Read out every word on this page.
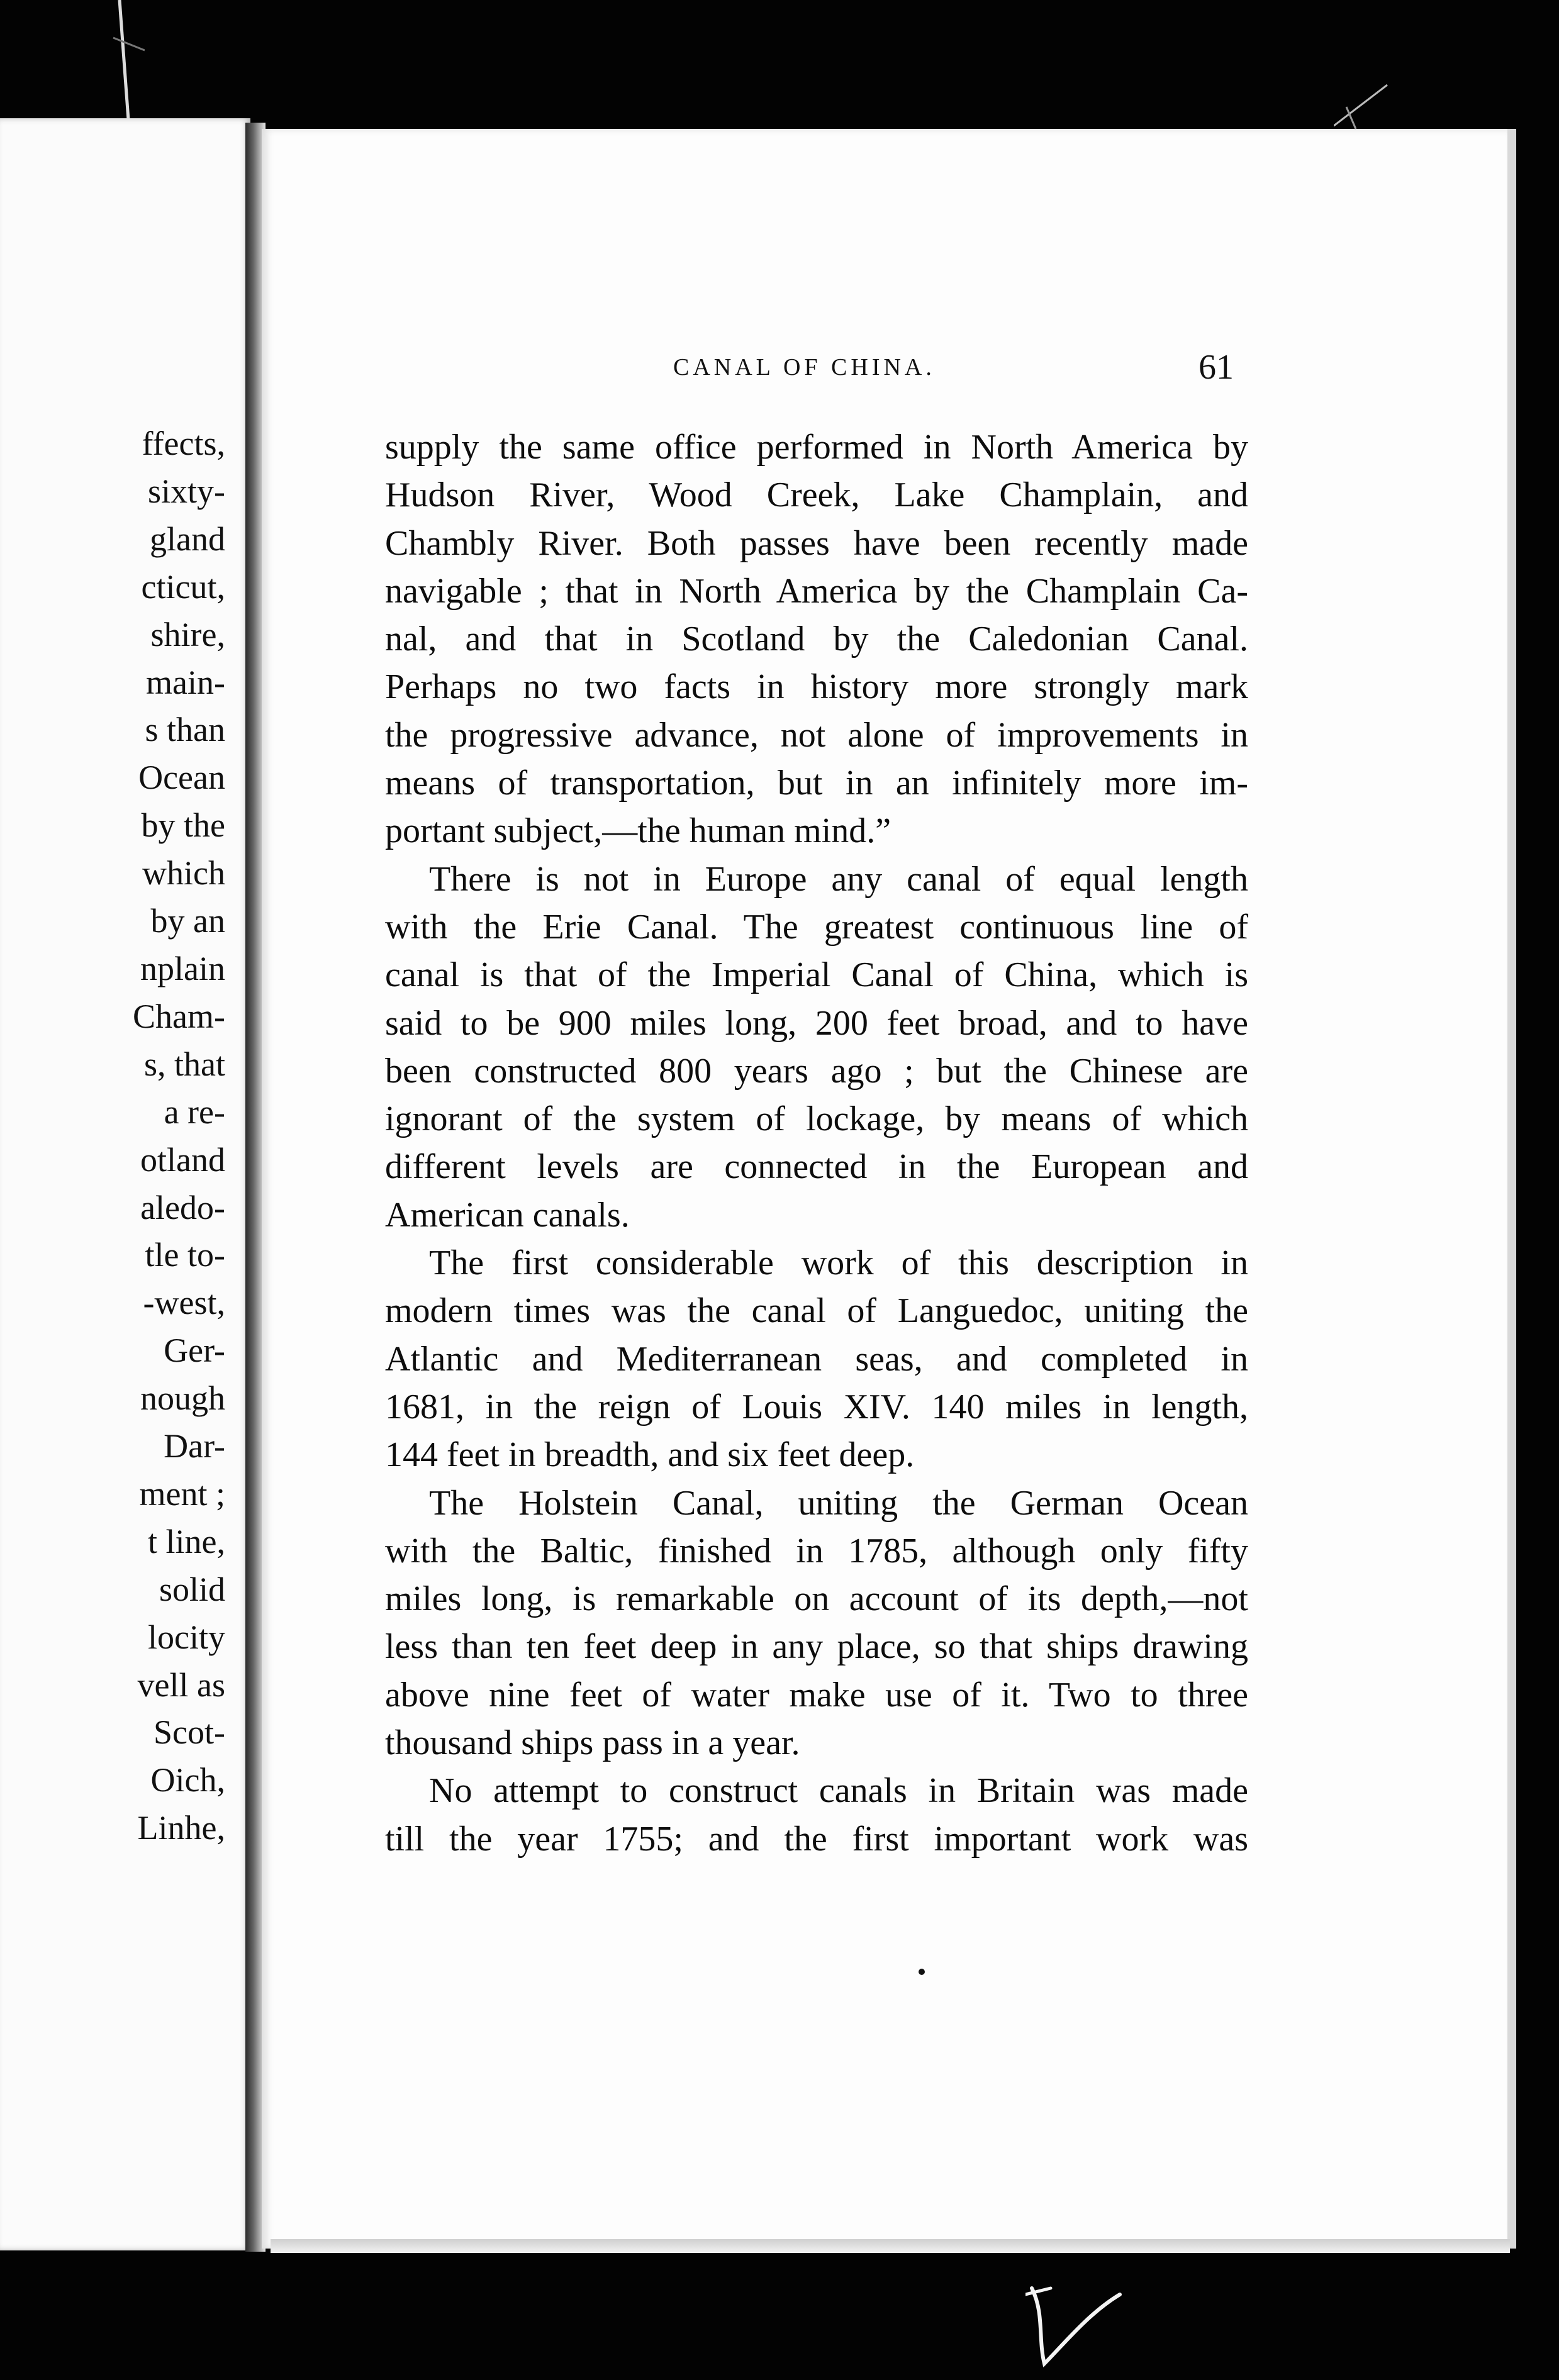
ffects,
sixty-
gland
cticut,
shire,
main-
s than
Ocean
by the
which
by an
nplain
Cham-
s, that
a re-
otland
aledo-
tle to-
-west,
Ger-
nough
Dar-
ment ;
t line,
solid
locity
vell as
Scot-
Oich,
Linhe,
CANAL OF CHINA.	61
supply the same office performed in North America by
Hudson River, Wood Creek, Lake Champlain, and
Chambly River. Both passes have been recently made
navigable ; that in North America by the Champlain Ca-
nal, and that in Scotland by the Caledonian Canal.
Perhaps no two facts in history more strongly mark
the progressive advance, not alone of improvements in
means of transportation, but in an infinitely more im-
portant subject,—the human mind.”
There is not in Europe any canal of equal length
with the Erie Canal. The greatest continuous line of
canal is that of the Imperial Canal of China, which is
said to be 900 miles long, 200 feet broad, and to have
been constructed 800 years ago ; but the Chinese are
ignorant of the system of lockage, by means of which
different levels are connected in the European and
American canals.
The first considerable work of this description in
modern times was the canal of Languedoc, uniting the
Atlantic and Mediterranean seas, and completed in
1681, in the reign of Louis XIV. 140 miles in length,
144 feet in breadth, and six feet deep.
The Holstein Canal, uniting the German Ocean
with the Baltic, finished in 1785, although only fifty
miles long, is remarkable on account of its depth,—not
less than ten feet deep in any place, so that ships drawing
above nine feet of water make use of it. Two to three
thousand ships pass in a year.
No attempt to construct canals in Britain was made
till the year 1755; and the first important work was
